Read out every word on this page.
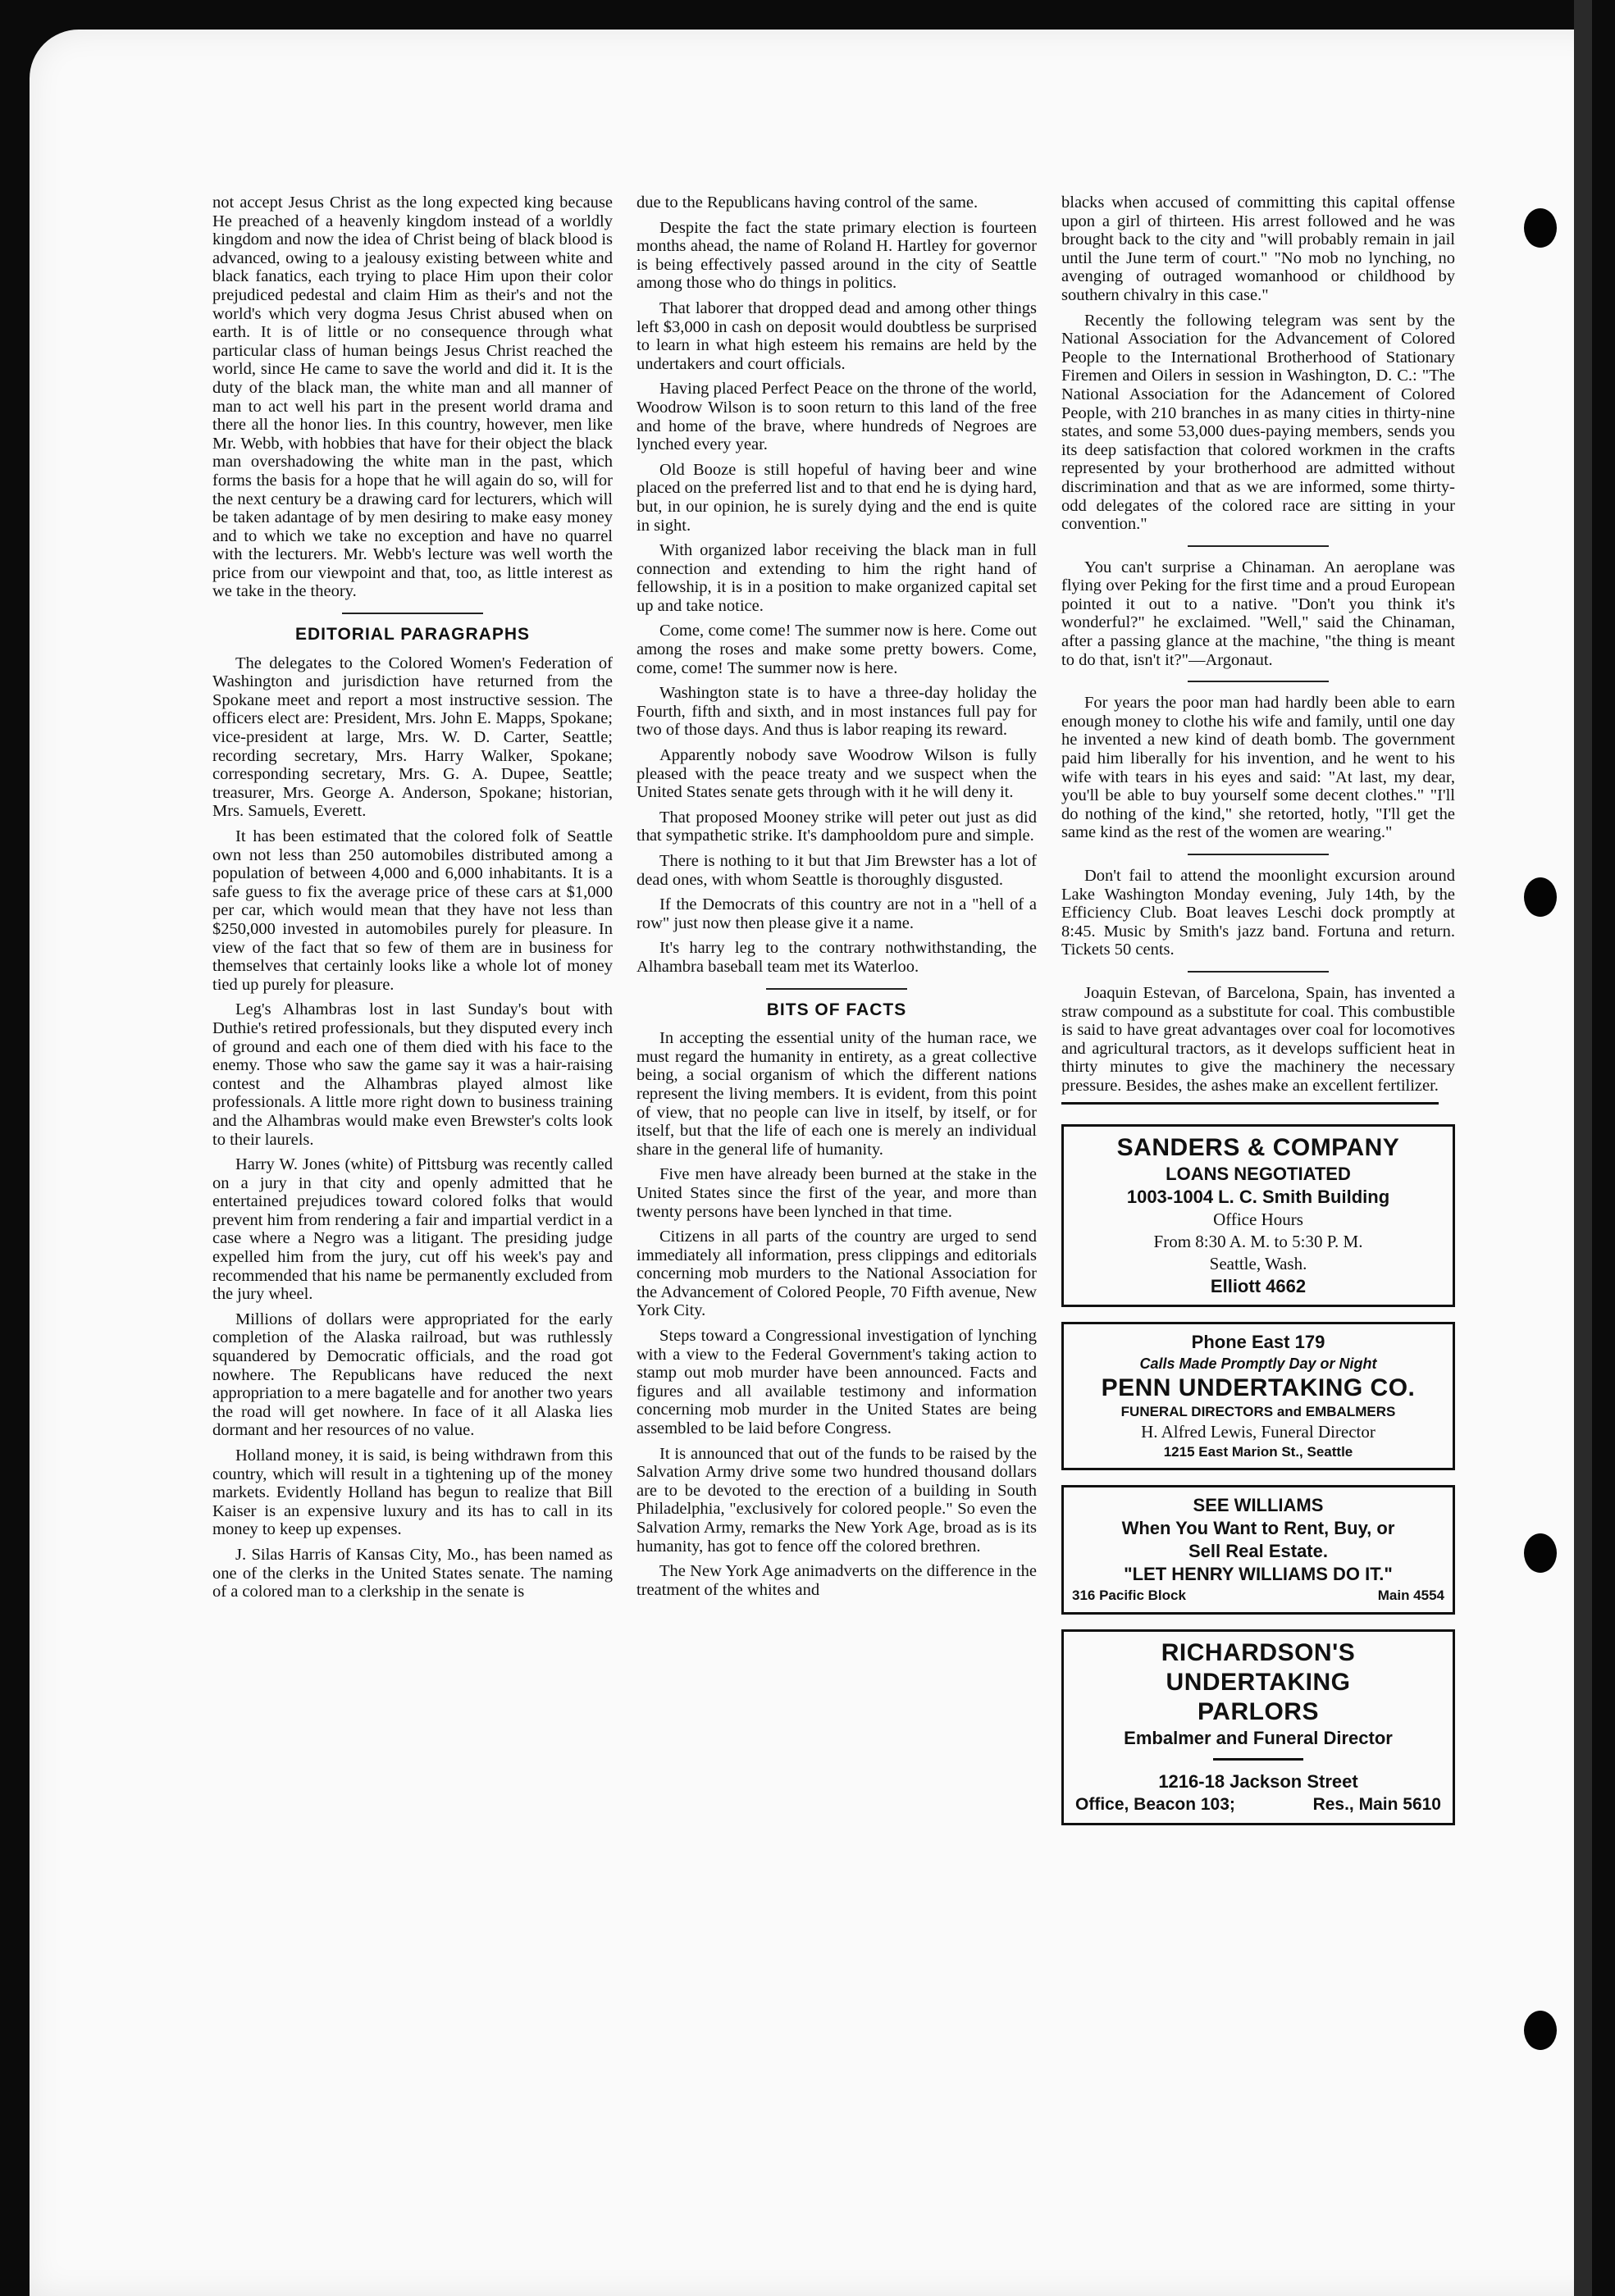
not accept Jesus Christ as the long expected king because He preached of a heavenly kingdom instead of a worldly kingdom and now the idea of Christ being of black blood is advanced, owing to a jealousy existing between white and black fanatics, each trying to place Him upon their color prejudiced pedestal and claim Him as their's and not the world's which very dogma Jesus Christ abused when on earth. It is of little or no consequence through what particular class of human beings Jesus Christ reached the world, since He came to save the world and did it. It is the duty of the black man, the white man and all manner of man to act well his part in the present world drama and there all the honor lies. In this country, however, men like Mr. Webb, with hobbies that have for their object the black man overshadowing the white man in the past, which forms the basis for a hope that he will again do so, will for the next century be a drawing card for lecturers, which will be taken adantage of by men desiring to make easy money and to which we take no exception and have no quarrel with the lecturers. Mr. Webb's lecture was well worth the price from our viewpoint and that, too, as little interest as we take in the theory.

EDITORIAL PARAGRAPHS

The delegates to the Colored Women's Federation of Washington and jurisdiction have returned from the Spokane meet and report a most instructive session. The officers elect are: President, Mrs. John E. Mapps, Spokane; vice-president at large, Mrs. W. D. Carter, Seattle; recording secretary, Mrs. Harry Walker, Spokane; corresponding secretary, Mrs. G. A. Dupee, Seattle; treasurer, Mrs. George A. Anderson, Spokane; historian, Mrs. Samuels, Everett.

It has been estimated that the colored folk of Seattle own not less than 250 automobiles distributed among a population of between 4,000 and 6,000 inhabitants. It is a safe guess to fix the average price of these cars at $1,000 per car, which would mean that they have not less than $250,000 invested in automobiles purely for pleasure. In view of the fact that so few of them are in business for themselves that certainly looks like a whole lot of money tied up purely for pleasure.

Leg's Alhambras lost in last Sunday's bout with Duthie's retired professionals, but they disputed every inch of ground and each one of them died with his face to the enemy. Those who saw the game say it was a hair-raising contest and the Alhambras played almost like professionals. A little more right down to business training and the Alhambras would make even Brewster's colts look to their laurels.

Harry W. Jones (white) of Pittsburg was recently called on a jury in that city and openly admitted that he entertained prejudices toward colored folks that would prevent him from rendering a fair and impartial verdict in a case where a Negro was a litigant. The presiding judge expelled him from the jury, cut off his week's pay and recommended that his name be permanently excluded from the jury wheel.

Millions of dollars were appropriated for the early completion of the Alaska railroad, but was ruthlessly squandered by Democratic officials, and the road got nowhere. The Republicans have reduced the next appropriation to a mere bagatelle and for another two years the road will get nowhere. In face of it all Alaska lies dormant and her resources of no value.

Holland money, it is said, is being withdrawn from this country, which will result in a tightening up of the money markets. Evidently Holland has begun to realize that Bill Kaiser is an expensive luxury and its has to call in its money to keep up expenses.

J. Silas Harris of Kansas City, Mo., has been named as one of the clerks in the United States senate. The naming of a colored man to a clerkship in the senate is

due to the Republicans having control of the same.

Despite the fact the state primary election is fourteen months ahead, the name of Roland H. Hartley for governor is being effectively passed around in the city of Seattle among those who do things in politics.

That laborer that dropped dead and among other things left $3,000 in cash on deposit would doubtless be surprised to learn in what high esteem his remains are held by the undertakers and court officials.

Having placed Perfect Peace on the throne of the world, Woodrow Wilson is to soon return to this land of the free and home of the brave, where hundreds of Negroes are lynched every year.

Old Booze is still hopeful of having beer and wine placed on the preferred list and to that end he is dying hard, but, in our opinion, he is surely dying and the end is quite in sight.

With organized labor receiving the black man in full connection and extending to him the right hand of fellowship, it is in a position to make organized capital set up and take notice.

Come, come come! The summer now is here. Come out among the roses and make some pretty bowers. Come, come, come! The summer now is here.

Washington state is to have a three-day holiday the Fourth, fifth and sixth, and in most instances full pay for two of those days. And thus is labor reaping its reward.

Apparently nobody save Woodrow Wilson is fully pleased with the peace treaty and we suspect when the United States senate gets through with it he will deny it.

That proposed Mooney strike will peter out just as did that sympathetic strike. It's damphooldom pure and simple.

There is nothing to it but that Jim Brewster has a lot of dead ones, with whom Seattle is thoroughly disgusted.

If the Democrats of this country are not in a "hell of a row" just now then please give it a name.

It's harry leg to the contrary nothwithstanding, the Alhambra baseball team met its Waterloo.

BITS OF FACTS

In accepting the essential unity of the human race, we must regard the humanity in entirety, as a great collective being, a social organism of which the different nations represent the living members. It is evident, from this point of view, that no people can live in itself, by itself, or for itself, but that the life of each one is merely an individual share in the general life of humanity.

Five men have already been burned at the stake in the United States since the first of the year, and more than twenty persons have been lynched in that time.

Citizens in all parts of the country are urged to send immediately all information, press clippings and editorials concerning mob murders to the National Association for the Advancement of Colored People, 70 Fifth avenue, New York City.

Steps toward a Congressional investigation of lynching with a view to the Federal Government's taking action to stamp out mob murder have been announced. Facts and figures and all available testimony and information concerning mob murder in the United States are being assembled to be laid before Congress.

It is announced that out of the funds to be raised by the Salvation Army drive some two hundred thousand dollars are to be devoted to the erection of a building in South Philadelphia, "exclusively for colored people." So even the Salvation Army, remarks the New York Age, broad as is its humanity, has got to fence off the colored brethren.

The New York Age animadverts on the difference in the treatment of the whites and

blacks when accused of committing this capital offense upon a girl of thirteen. His arrest followed and he was brought back to the city and "will probably remain in jail until the June term of court." "No mob no lynching, no avenging of outraged womanhood or childhood by southern chivalry in this case."

Recently the following telegram was sent by the National Association for the Advancement of Colored People to the International Brotherhood of Stationary Firemen and Oilers in session in Washington, D. C.: "The National Association for the Adancement of Colored People, with 210 branches in as many cities in thirty-nine states, and some 53,000 dues-paying members, sends you its deep satisfaction that colored workmen in the crafts represented by your brotherhood are admitted without discrimination and that as we are informed, some thirty-odd delegates of the colored race are sitting in your convention."

You can't surprise a Chinaman. An aeroplane was flying over Peking for the first time and a proud European pointed it out to a native. "Don't you think it's wonderful?" he exclaimed. "Well," said the Chinaman, after a passing glance at the machine, "the thing is meant to do that, isn't it?"—Argonaut.

For years the poor man had hardly been able to earn enough money to clothe his wife and family, until one day he invented a new kind of death bomb. The government paid him liberally for his invention, and he went to his wife with tears in his eyes and said: "At last, my dear, you'll be able to buy yourself some decent clothes." "I'll do nothing of the kind," she retorted, hotly, "I'll get the same kind as the rest of the women are wearing."

Don't fail to attend the moonlight excursion around Lake Washington Monday evening, July 14th, by the Efficiency Club. Boat leaves Leschi dock promptly at 8:45. Music by Smith's jazz band. Fortuna and return. Tickets 50 cents.

Joaquin Estevan, of Barcelona, Spain, has invented a straw compound as a substitute for coal. This combustible is said to have great advantages over coal for locomotives and agricultural tractors, as it develops sufficient heat in thirty minutes to give the machinery the necessary pressure. Besides, the ashes make an excellent fertilizer.

SANDERS & COMPANY
LOANS NEGOTIATED
1003-1004 L. C. Smith Building
Office Hours
From 8:30 A. M. to 5:30 P. M.
Seattle, Wash.
Elliott 4662
Phone East 179
Calls Made Promptly Day or Night
PENN UNDERTAKING CO.
FUNERAL DIRECTORS and EMBALMERS
H. Alfred Lewis, Funeral Director
1215 East Marion St., Seattle
SEE WILLIAMS
When You Want to Rent, Buy, or
Sell Real Estate.
"LET HENRY WILLIAMS DO IT."
316 Pacific Block	Main 4554
RICHARDSON'S UNDERTAKING
PARLORS
Embalmer and Funeral Director
1216-18 Jackson Street
Office, Beacon 103;	Res., Main 5610
